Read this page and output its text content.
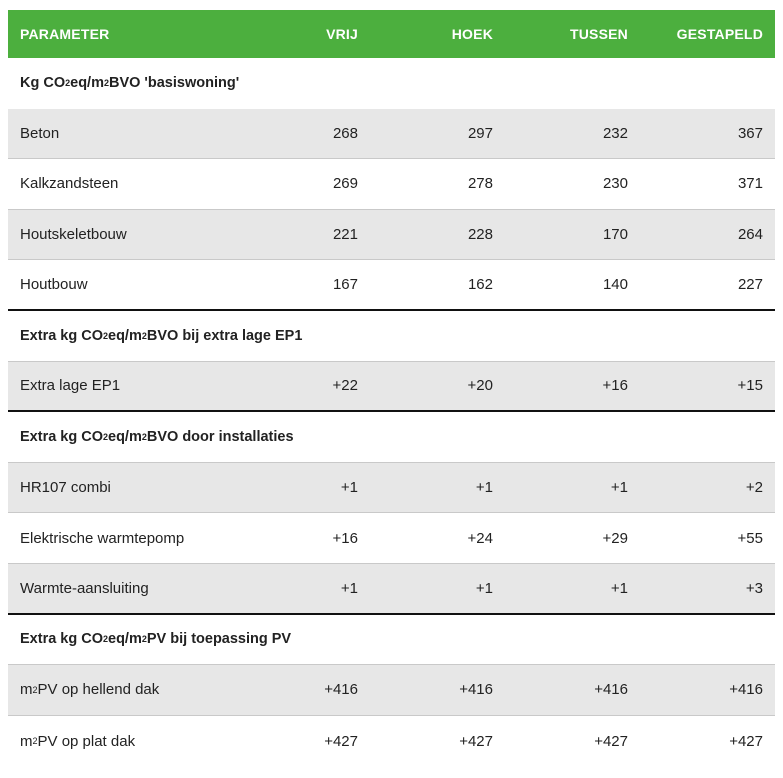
PARAMETER	VRIJ	HOEK	TUSSEN	GESTAPELD
Kg CO 2 eq/m 2 BVO 'basiswoning'
Beton	268	297	232	367
Kalkzandsteen	269	278	230	371
Houtskeletbouw	221	228	170	264
Houtbouw	167	162	140	227
Extra kg CO 2 eq/m 2 BVO bij extra lage EP1
Extra lage EP1	+22	+20	+16	+15
Extra kg CO 2 eq/m 2 BVO door installaties
HR107 combi	+1	+1	+1	+2
Elektrische warmtepomp	+16	+24	+29	+55
Warmte-aansluiting	+1	+1	+1	+3
Extra kg CO 2 eq/m 2 PV bij toepassing PV
m 2 PV op hellend dak	+416	+416	+416	+416
m 2 PV op plat dak	+427	+427	+427	+427
